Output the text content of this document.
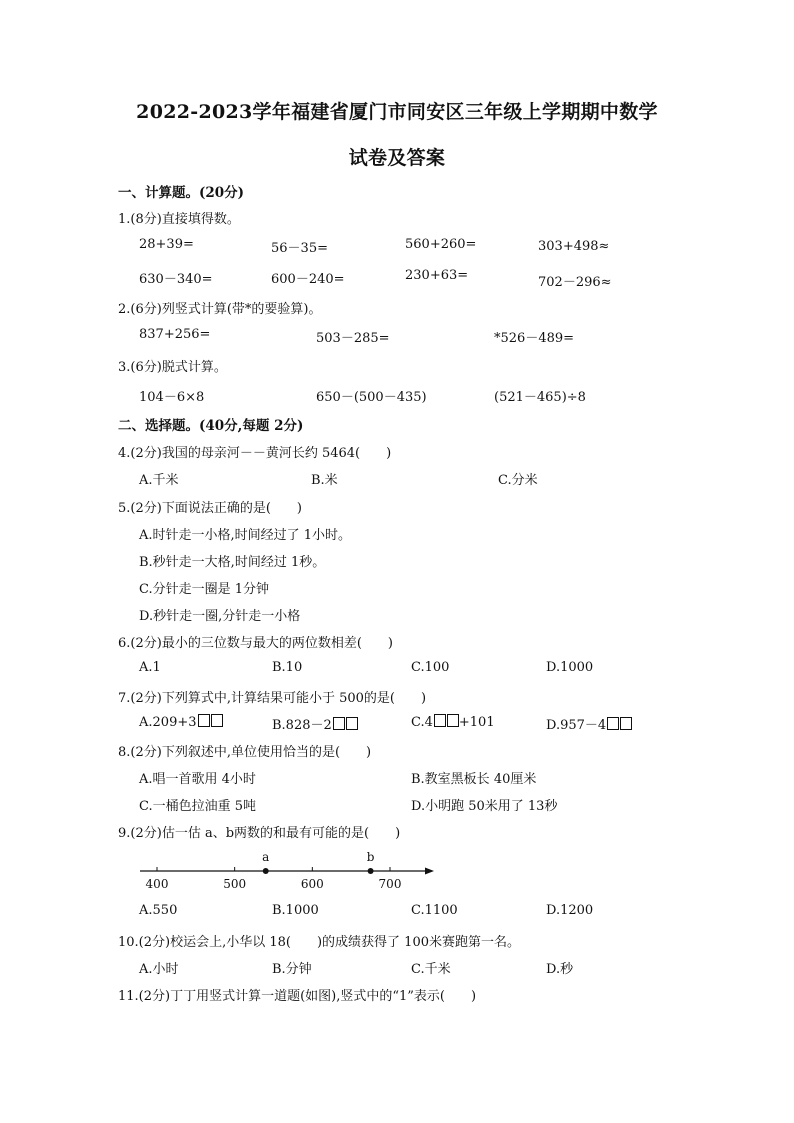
2022-2023学年福建省厦门市同安区三年级上学期期中数学
试卷及答案
一、计算题。(20分)
1.(8分)直接填得数。
28+39=	56－35=	560+260=	303+498≈
630－340=	600－240=	230+63=	702－296≈
2.(6分)列竖式计算(带*的要验算)。
837+256=	503－285=	*526－489=
3.(6分)脱式计算。
104－6×8	650－(500－435)	(521－465)÷8
二、选择题。(40分,每题 2分)
4.(2分)我国的母亲河－－黄河长约 5464(　　)
A.千米	B.米	C.分米
5.(2分)下面说法正确的是(　　)
A.时针走一小格,时间经过了 1小时。
B.秒针走一大格,时间经过 1秒。
C.分针走一圈是 1分钟
D.秒针走一圈,分针走一小格
6.(2分)最小的三位数与最大的两位数相差(　　)
A.1	B.10	C.100	D.1000
7.(2分)下列算式中,计算结果可能小于 500的是(　　)
A.209+3	B.828－2	C.4 +101	D.957－4
8.(2分)下列叙述中,单位使用恰当的是(　　)
A.唱一首歌用 4小时	B.教室黑板长 40厘米
C.一桶色拉油重 5吨	D.小明跑 50米用了 13秒
9.(2分)估一估 a、b两数的和最有可能的是(　　)
400	500	600	700
a	b
A.550	B.1000	C.1100	D.1200
10.(2分)校运会上,小华以 18(　　)的成绩获得了 100米赛跑第一名。
A.小时	B.分钟	C.千米	D.秒
11.(2分)丁丁用竖式计算一道题(如图),竖式中的“1”表示(　　)
